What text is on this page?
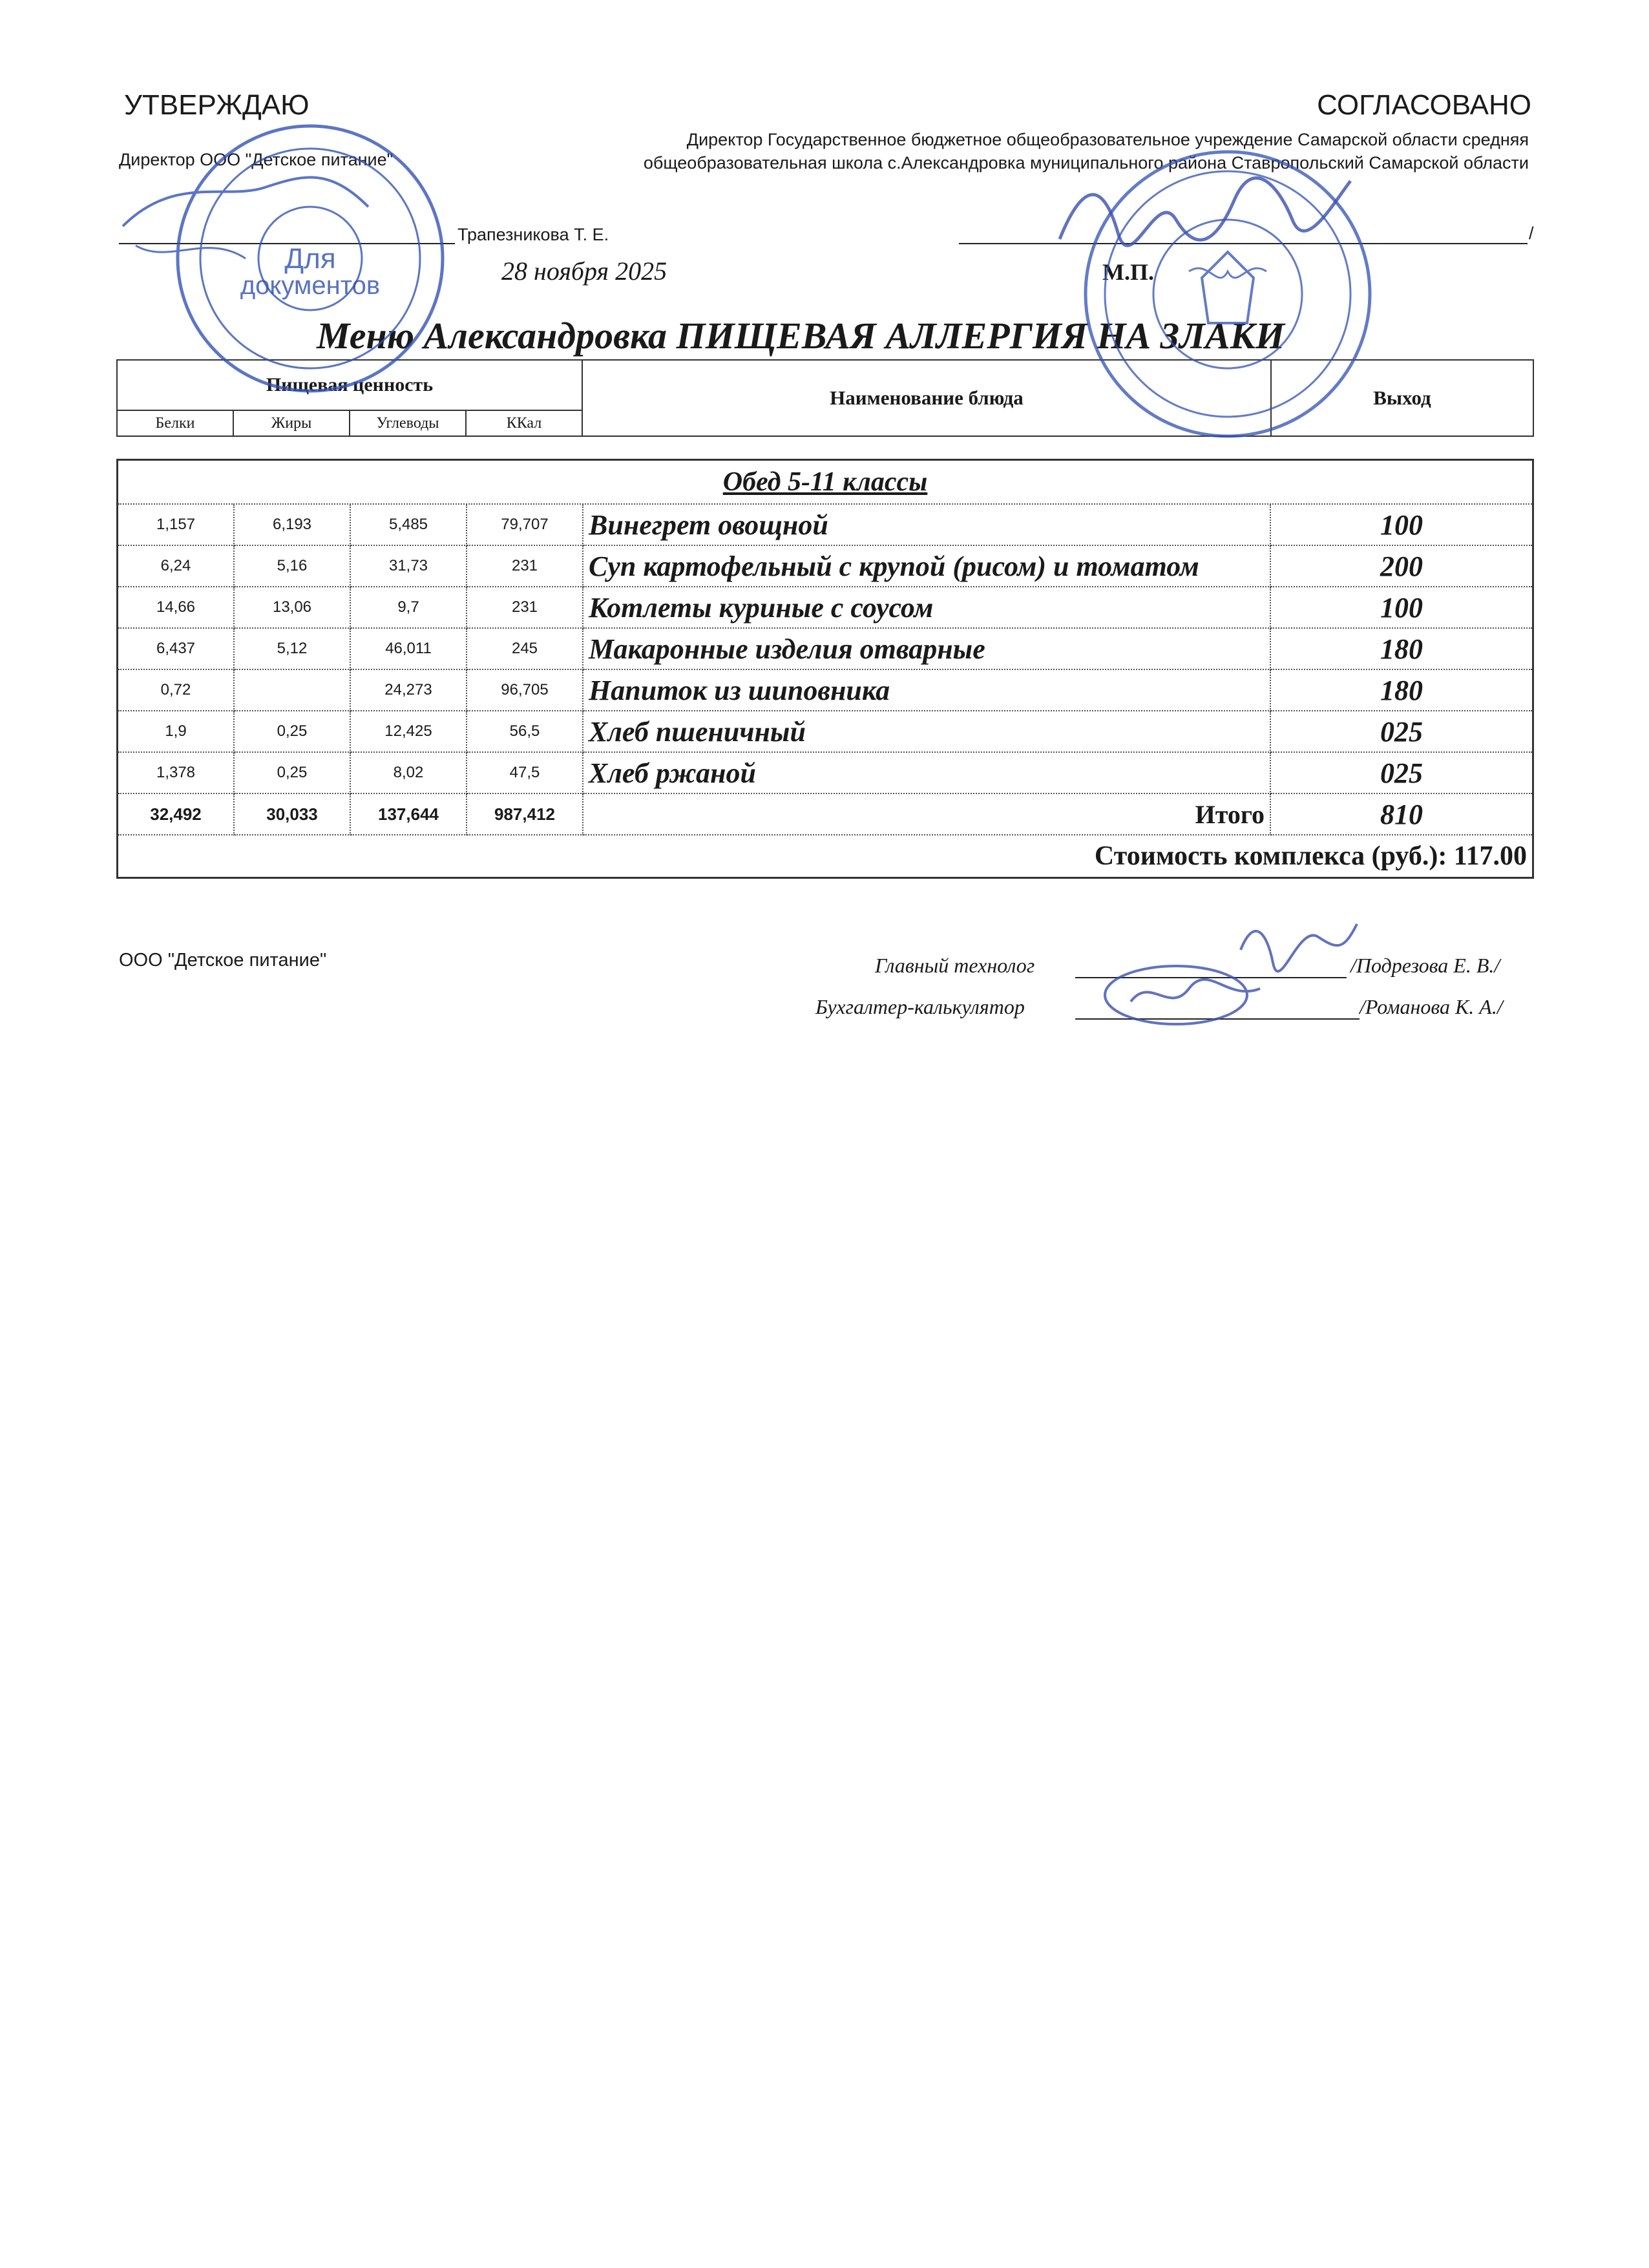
УТВЕРЖДАЮ
Директор ООО "Детское питание"
Трапезникова Т. Е.
28 ноября 2025
СОГЛАСОВАНО
Директор Государственное бюджетное общеобразовательное учреждение Самарской области средняя общеобразовательная школа с.Александровка муниципального района Ставропольский Самарской области
/
М.П.
Меню Александровка ПИЩЕВАЯ АЛЛЕРГИЯ НА ЗЛАКИ
Пищевая ценность				Наименование блюда	Выход
Белки	Жиры	Углеводы	ККал		
Обед 5-11 классы					
1,157	6,193	5,485	79,707	Винегрет овощной	100
6,24	5,16	31,73	231	Суп картофельный с крупой (рисом) и томатом	200
14,66	13,06	9,7	231	Котлеты куриные с соусом	100
6,437	5,12	46,011	245	Макаронные изделия отварные	180
0,72		24,273	96,705	Напиток из шиповника	180
1,9	0,25	12,425	56,5	Хлеб пшеничный	025
1,378	0,25	8,02	47,5	Хлеб ржаной	025
32,492	30,033	137,644	987,412	Итого	810
Стоимость комплекса (руб.): 117.00					
ООО "Детское питание"	Главный технолог	/Подрезова Е. В./
Бухгалтер-калькулятор	/Романова К. А./
Для
документов
